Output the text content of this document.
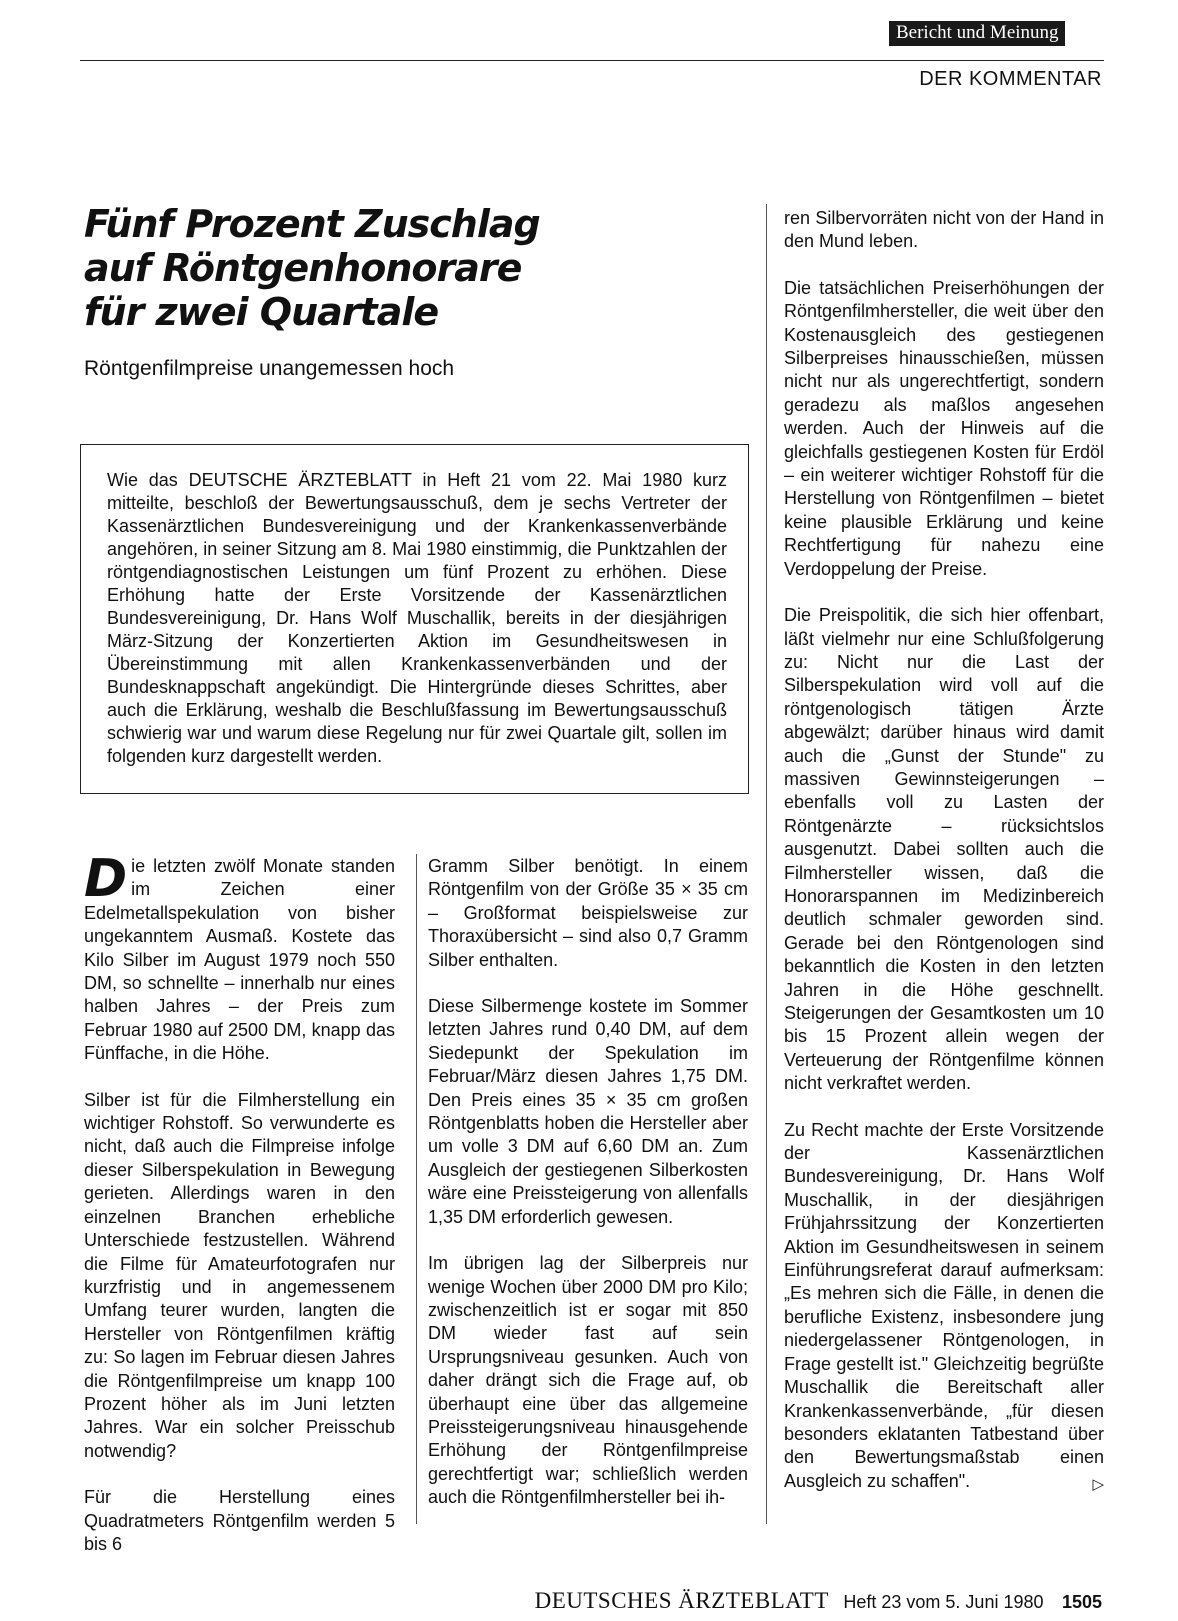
Bericht und Meinung
DER KOMMENTAR
Fünf Prozent Zuschlag
auf Röntgenhonorare
für zwei Quartale
Röntgenfilmpreise unangemessen hoch

Wie das DEUTSCHE ÄRZTEBLATT in Heft 21 vom 22. Mai 1980 kurz mitteilte, beschloß der Bewertungsausschuß, dem je sechs Vertreter der Kassenärztlichen Bundesvereinigung und der Krankenkassenverbände angehören, in seiner Sitzung am 8. Mai 1980 einstimmig, die Punktzahlen der röntgendiagnostischen Leistungen um fünf Prozent zu erhöhen. Diese Erhöhung hatte der Erste Vorsitzende der Kassenärztlichen Bundesvereinigung, Dr. Hans Wolf Muschallik, bereits in der diesjährigen März-Sitzung der Konzertierten Aktion im Gesundheitswesen in Übereinstimmung mit allen Krankenkassenverbänden und der Bundesknappschaft angekündigt. Die Hintergründe dieses Schrittes, aber auch die Erklärung, weshalb die Beschlußfassung im Bewertungsausschuß schwierig war und warum diese Regelung nur für zwei Quartale gilt, sollen im folgenden kurz dargestellt werden.

Die letzten zwölf Monate standen im Zeichen einer Edelmetallspekulation von bisher ungekanntem Ausmaß. Kostete das Kilo Silber im August 1979 noch 550 DM, so schnellte – innerhalb nur eines halben Jahres – der Preis zum Februar 1980 auf 2500 DM, knapp das Fünffache, in die Höhe.

Silber ist für die Filmherstellung ein wichtiger Rohstoff. So verwunderte es nicht, daß auch die Filmpreise infolge dieser Silberspekulation in Bewegung gerieten. Allerdings waren in den einzelnen Branchen erhebliche Unterschiede festzustellen. Während die Filme für Amateurfotografen nur kurzfristig und in angemessenem Umfang teurer wurden, langten die Hersteller von Röntgenfilmen kräftig zu: So lagen im Februar diesen Jahres die Röntgenfilmpreise um knapp 100 Prozent höher als im Juni letzten Jahres. War ein solcher Preisschub notwendig?

Für die Herstellung eines Quadratmeters Röntgenfilm werden 5 bis 6

Gramm Silber benötigt. In einem Röntgenfilm von der Größe 35 × 35 cm – Großformat beispielsweise zur Thoraxübersicht – sind also 0,7 Gramm Silber enthalten.

Diese Silbermenge kostete im Sommer letzten Jahres rund 0,40 DM, auf dem Siedepunkt der Spekulation im Februar/März diesen Jahres 1,75 DM. Den Preis eines 35 × 35 cm großen Röntgenblatts hoben die Hersteller aber um volle 3 DM auf 6,60 DM an. Zum Ausgleich der gestiegenen Silberkosten wäre eine Preissteigerung von allenfalls 1,35 DM erforderlich gewesen.

Im übrigen lag der Silberpreis nur wenige Wochen über 2000 DM pro Kilo; zwischenzeitlich ist er sogar mit 850 DM wieder fast auf sein Ursprungsniveau gesunken. Auch von daher drängt sich die Frage auf, ob überhaupt eine über das allgemeine Preissteigerungsniveau hinausgehende Erhöhung der Röntgenfilmpreise gerechtfertigt war; schließlich werden auch die Röntgenfilmhersteller bei ih-

ren Silbervorräten nicht von der Hand in den Mund leben.

Die tatsächlichen Preiserhöhungen der Röntgenfilmhersteller, die weit über den Kostenausgleich des gestiegenen Silberpreises hinausschießen, müssen nicht nur als ungerechtfertigt, sondern geradezu als maßlos angesehen werden. Auch der Hinweis auf die gleichfalls gestiegenen Kosten für Erdöl – ein weiterer wichtiger Rohstoff für die Herstellung von Röntgenfilmen – bietet keine plausible Erklärung und keine Rechtfertigung für nahezu eine Verdoppelung der Preise.

Die Preispolitik, die sich hier offenbart, läßt vielmehr nur eine Schlußfolgerung zu: Nicht nur die Last der Silberspekulation wird voll auf die röntgenologisch tätigen Ärzte abgewälzt; darüber hinaus wird damit auch die „Gunst der Stunde" zu massiven Gewinnsteigerungen – ebenfalls voll zu Lasten der Röntgenärzte – rücksichtslos ausgenutzt. Dabei sollten auch die Filmhersteller wissen, daß die Honorarspannen im Medizinbereich deutlich schmaler geworden sind. Gerade bei den Röntgenologen sind bekanntlich die Kosten in den letzten Jahren in die Höhe geschnellt. Steigerungen der Gesamtkosten um 10 bis 15 Prozent allein wegen der Verteuerung der Röntgenfilme können nicht verkraftet werden.

Zu Recht machte der Erste Vorsitzende der Kassenärztlichen Bundesvereinigung, Dr. Hans Wolf Muschallik, in der diesjährigen Frühjahrssitzung der Konzertierten Aktion im Gesundheitswesen in seinem Einführungsreferat darauf aufmerksam: „Es mehren sich die Fälle, in denen die berufliche Existenz, insbesondere jung niedergelassener Röntgenologen, in Frage gestellt ist." Gleichzeitig begrüßte Muschallik die Bereitschaft aller Krankenkassenverbände, „für diesen besonders eklatanten Tatbestand über den Bewertungsmaßstab einen Ausgleich zu schaffen".	▷

DEUTSCHES ÄRZTEBLATT Heft 23 vom 5. Juni 1980 1505
